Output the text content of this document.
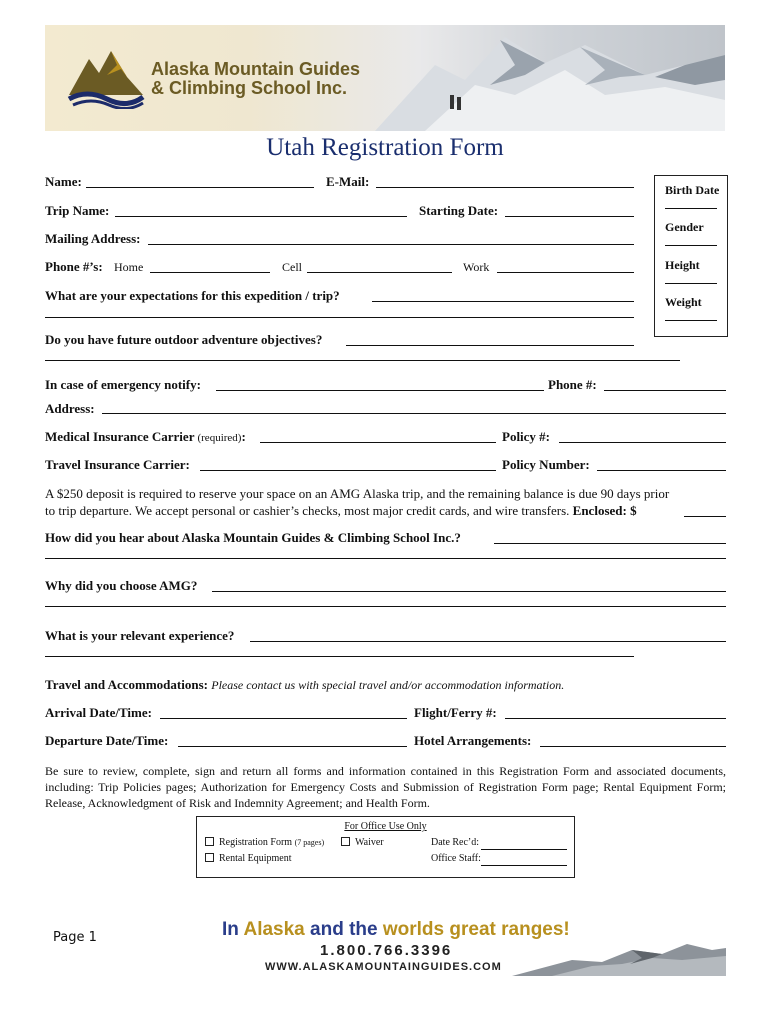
Alaska Mountain Guides
& Climbing School Inc.
Utah Registration Form
Birth Date
Gender
Height
Weight
Name:	E-Mail:
Trip Name:	Starting Date:
Mailing Address:
Phone #’s: Home	Cell	Work
What are your expectations for this expedition / trip?
Do you have future outdoor adventure objectives?
In case of emergency notify:	Phone #:
Address:
Medical Insurance Carrier (required):	Policy #:
Travel Insurance Carrier:	Policy Number:
A $250 deposit is required to reserve your space on an AMG Alaska trip, and the remaining balance is due 90 days prior
to trip departure. We accept personal or cashier’s checks, most major credit cards, and wire transfers. Enclosed: $
How did you hear about Alaska Mountain Guides & Climbing School Inc.?
Why did you choose AMG?
What is your relevant experience?
Travel and Accommodations: Please contact us with special travel and/or accommodation information.
Arrival Date/Time:	Flight/Ferry #:
Departure Date/Time:	Hotel Arrangements:
Be sure to review, complete, sign and return all forms and information contained in this Registration Form and associated documents, including: Trip Policies pages; Authorization for Emergency Costs and Submission of Registration Form page; Rental Equipment Form; Release, Acknowledgment of Risk and Indemnity Agreement; and Health Form.
For Office Use Only
Registration Form (7 pages)	Waiver	Date Rec’d:
Rental Equipment	Office Staff:
Page 1	In Alaska and the worlds great ranges!
1.800.766.3396
WWW.ALASKAMOUNTAINGUIDES.COM
